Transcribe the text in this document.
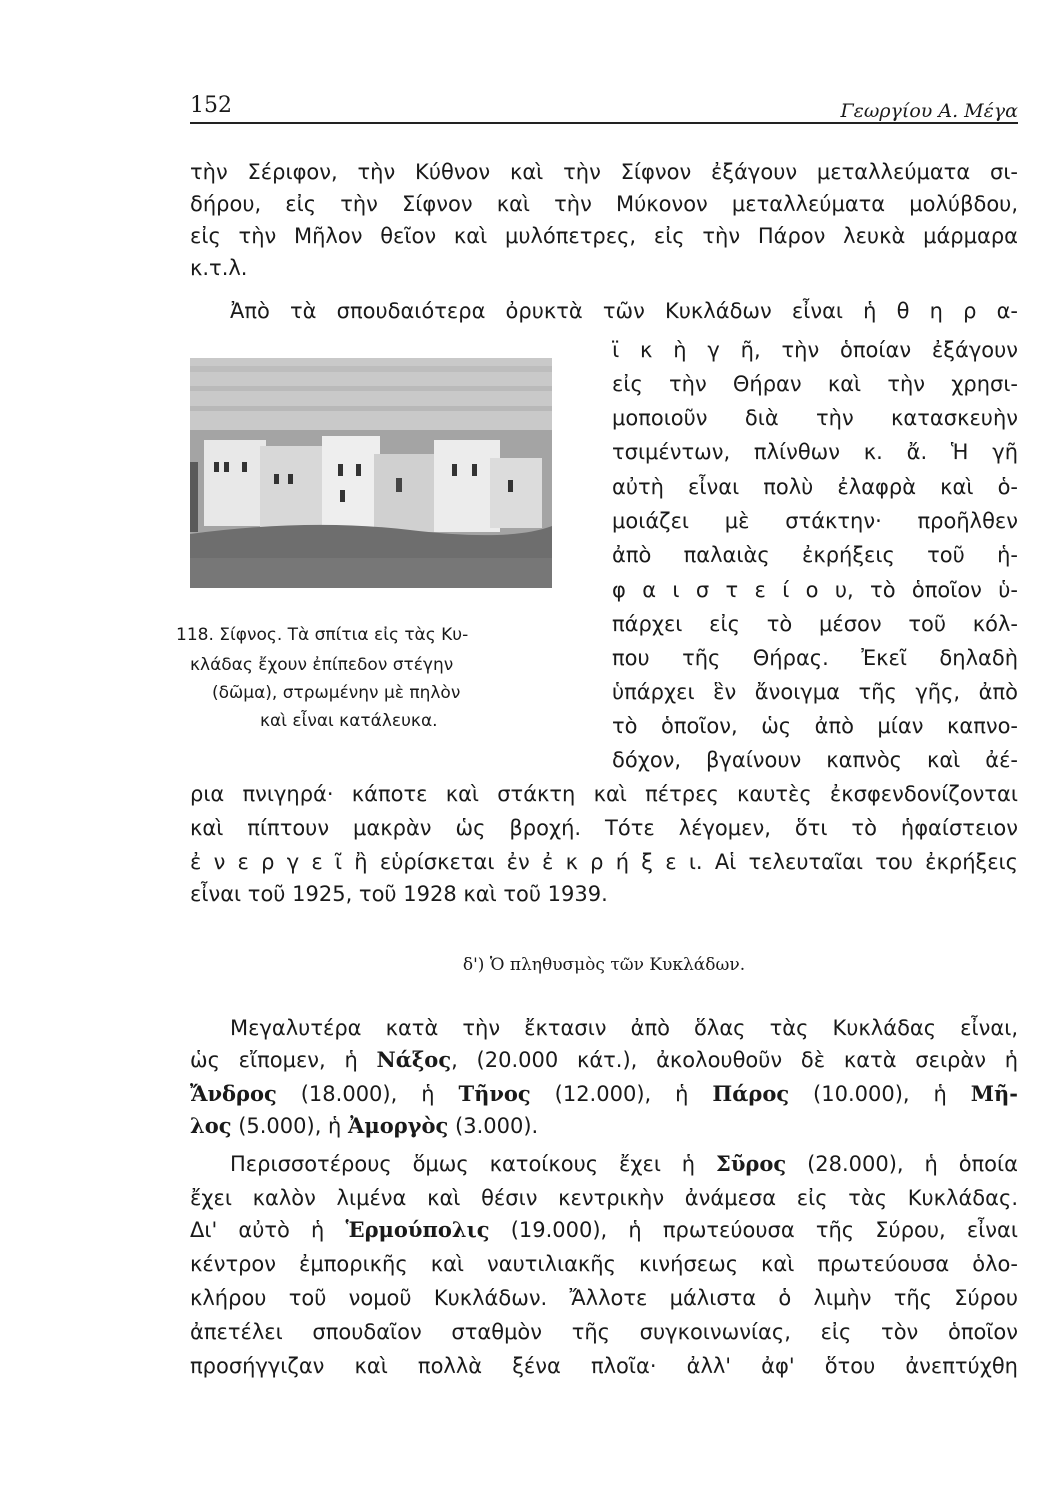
152	Γεωργίου Α. Μέγα
τὴν Σέριφον, τὴν Κύθνον καὶ τὴν Σίφνον ἐξάγουν μεταλλεύματα σι-
δήρου, εἰς τὴν Σίφνον καὶ τὴν Μύκονον μεταλλεύματα μολύβδου,
εἰς τὴν Μῆλον θεῖον καὶ μυλόπετρες, εἰς τὴν Πάρον λευκὰ μάρμαρα
κ.τ.λ.
Ἀπὸ τὰ σπουδαιότερα ὀρυκτὰ τῶν Κυκλάδων εἶναι ἡ θ η ρ α-
ϊ κ ὴ γ ῆ, τὴν ὁποίαν ἐξάγουν
εἰς τὴν Θήραν καὶ τὴν χρησι-
μοποιοῦν διὰ τὴν κατασκευὴν
τσιμέντων, πλίνθων κ. ἄ. Ἡ γῆ
αὐτὴ εἶναι πολὺ ἐλαφρὰ καὶ ὁ-
μοιάζει μὲ στάκτην· προῆλθεν
ἀπὸ παλαιὰς ἐκρήξεις τοῦ ἡ-
φ α ι σ τ ε ί ο υ, τὸ ὁποῖον ὑ-
πάρχει εἰς τὸ μέσον τοῦ κόλ-
που τῆς Θήρας. Ἐκεῖ δηλαδὴ
ὑπάρχει ἓν ἄνοιγμα τῆς γῆς, ἀπὸ
τὸ ὁποῖον, ὡς ἀπὸ μίαν καπνο-
δόχον, βγαίνουν καπνὸς καὶ ἀέ-
118. Σίφνος. Τὰ σπίτια εἰς τὰς Κυ-
κλάδας ἔχουν ἐπίπεδον στέγην
(δῶμα), στρωμένην μὲ πηλὸν
καὶ εἶναι κατάλευκα.
ρια πνιγηρά· κάποτε καὶ στάκτη καὶ πέτρες καυτὲς ἐκσφενδονίζονται
καὶ πίπτουν μακρὰν ὡς βροχή. Τότε λέγομεν, ὅτι τὸ ἡφαίστειον
ἐ ν ε ρ γ ε ῖ ἢ εὑρίσκεται ἐν ἐ κ ρ ή ξ ε ι. Αἱ τελευταῖαι του ἐκρήξεις
εἶναι τοῦ 1925, τοῦ 1928 καὶ τοῦ 1939.
δ') Ὁ πληθυσμὸς τῶν Κυκλάδων.
Μεγαλυτέρα κατὰ τὴν ἔκτασιν ἀπὸ ὅλας τὰς Κυκλάδας εἶναι,
ὡς εἴπομεν, ἡ Νάξος, (20.000 κάτ.), ἀκολουθοῦν δὲ κατὰ σειρὰν ἡ
Ἄνδρος (18.000), ἡ Τῆνος (12.000), ἡ Πάρος (10.000), ἡ Μῆ-
λος (5.000), ἡ Ἀμοργὸς (3.000).
Περισσοτέρους ὅμως κατοίκους ἔχει ἡ Σῦρος (28.000), ἡ ὁποία
ἔχει καλὸν λιμένα καὶ θέσιν κεντρικὴν ἀνάμεσα εἰς τὰς Κυκλάδας.
Δι' αὐτὸ ἡ Ἑρμούπολις (19.000), ἡ πρωτεύουσα τῆς Σύρου, εἶναι
κέντρον ἐμπορικῆς καὶ ναυτιλιακῆς κινήσεως καὶ πρωτεύουσα ὁλο-
κλήρου τοῦ νομοῦ Κυκλάδων. Ἄλλοτε μάλιστα ὁ λιμὴν τῆς Σύρου
ἀπετέλει σπουδαῖον σταθμὸν τῆς συγκοινωνίας, εἰς τὸν ὁποῖον
προσήγγιζαν καὶ πολλὰ ξένα πλοῖα· ἀλλ' ἀφ' ὅτου ἀνεπτύχθη
